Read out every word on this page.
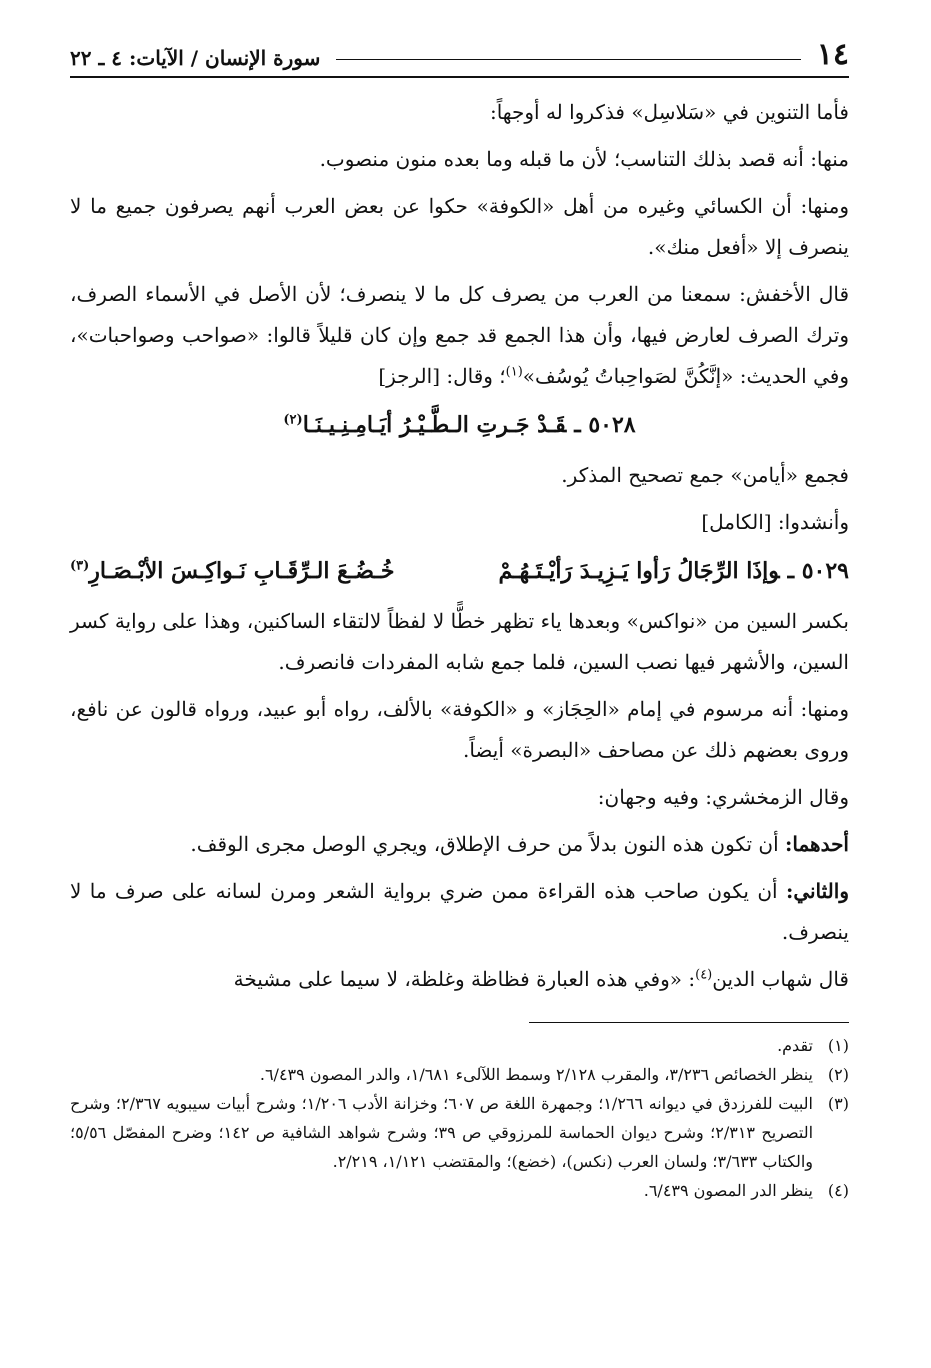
١٤
سورة الإنسان / الآيات: ٤ ـ ٢٢

فأما التنوين في «سَلاسِل» فذكروا له أوجهاً:

منها: أنه قصد بذلك التناسب؛ لأن ما قبله وما بعده منون منصوب.

ومنها: أن الكسائي وغيره من أهل «الكوفة» حكوا عن بعض العرب أنهم يصرفون جميع ما لا ينصرف إلا «أفعل منك».

قال الأخفش: سمعنا من العرب من يصرف كل ما لا ينصرف؛ لأن الأصل في الأسماء الصرف، وترك الصرف لعارض فيها، وأن هذا الجمع قد جمع وإن كان قليلاً قالوا: «صواحب وصواحبات»، وفي الحديث: «إنَّكُنَّ لصَواحِباتُ يُوسُف»$^{(١)}$؛ وقال: [الرجز]

٥٠٢٨ ـقَـدْ جَـرتِ الـطَّـيْـرُ أيَـامِـنِـيـنَـا$^{(٢)}$

فجمع «أيامن» جمع تصحيح المذكر.

وأنشدوا: [الكامل]

٥٠٢٩ ـوإذَا الرِّجَالُ رَأوا يَـزِيـدَ رَأيْـتَـهُـمْ
خُـضُـعَ الـرِّقَـابِ نَـواكِـسَ الأبْـصَـارِ$^{(٣)}$

بكسر السين من «نواكس» وبعدها ياء تظهر خطًّا لا لفظاً لالتقاء الساكنين، وهذا على رواية كسر السين، والأشهر فيها نصب السين، فلما جمع شابه المفردات فانصرف.

ومنها: أنه مرسوم في إمام «الحِجَاز» و «الكوفة» بالألف، رواه أبو عبيد، ورواه قالون عن نافع، وروى بعضهم ذلك عن مصاحف «البصرة» أيضاً.

وقال الزمخشري: وفيه وجهان:

أحدهما: أن تكون هذه النون بدلاً من حرف الإطلاق، ويجري الوصل مجرى الوقف.

والثاني: أن يكون صاحب هذه القراءة ممن ضري برواية الشعر ومرن لسانه على صرف ما لا ينصرف.

قال شهاب الدين$^{(٤)}$: «وفي هذه العبارة فظاظة وغلظة، لا سيما على مشيخة

(١)
تقدم.
(٢)
ينظر الخصائص ٣/٢٣٦، والمقرب ٢/١٢٨ وسمط اللآلىء ١/٦٨١، والدر المصون ٦/٤٣٩.
(٣)
البيت للفرزدق في ديوانه ١/٢٦٦؛ وجمهرة اللغة ص ٦٠٧؛ وخزانة الأدب ١/٢٠٦؛ وشرح أبيات سيبويه ٢/٣٦٧؛ وشرح التصريح ٢/٣١٣؛ وشرح ديوان الحماسة للمرزوقي ص ٣٩؛ وشرح شواهد الشافية ص ١٤٢؛ وضرح المفصّل ٥/٥٦؛ والكتاب ٣/٦٣٣؛ ولسان العرب (نكس)، (خضع)؛ والمقتضب ١/١٢١، ٢/٢١٩.
(٤)
ينظر الدر المصون ٦/٤٣٩.
